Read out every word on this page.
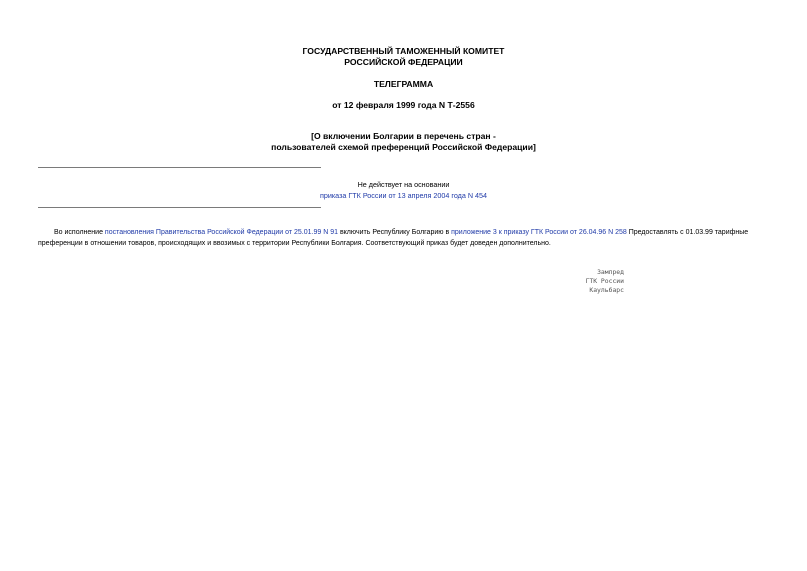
ГОСУДАРСТВЕННЫЙ ТАМОЖЕННЫЙ КОМИТЕТ
РОССИЙСКОЙ ФЕДЕРАЦИИ
ТЕЛЕГРАММА
от 12 февраля 1999 года N Т-2556
[О включении Болгарии в перечень стран -
пользователей схемой преференций Российской Федерации]
Не действует на основании
приказа ГТК России от 13 апреля 2004 года N 454
Во исполнение постановления Правительства Российской Федерации от 25.01.99 N 91 включить Республику Болгарию в приложение 3 к приказу ГТК России от 26.04.96 N 258 Предоставлять с 01.03.99 тарифные преференции в отношении товаров, происходящих и ввозимых с территории Республики Болгария. Соответствующий приказ будет доведен дополнительно.
Зампред
ГТК России
Каульбарс
